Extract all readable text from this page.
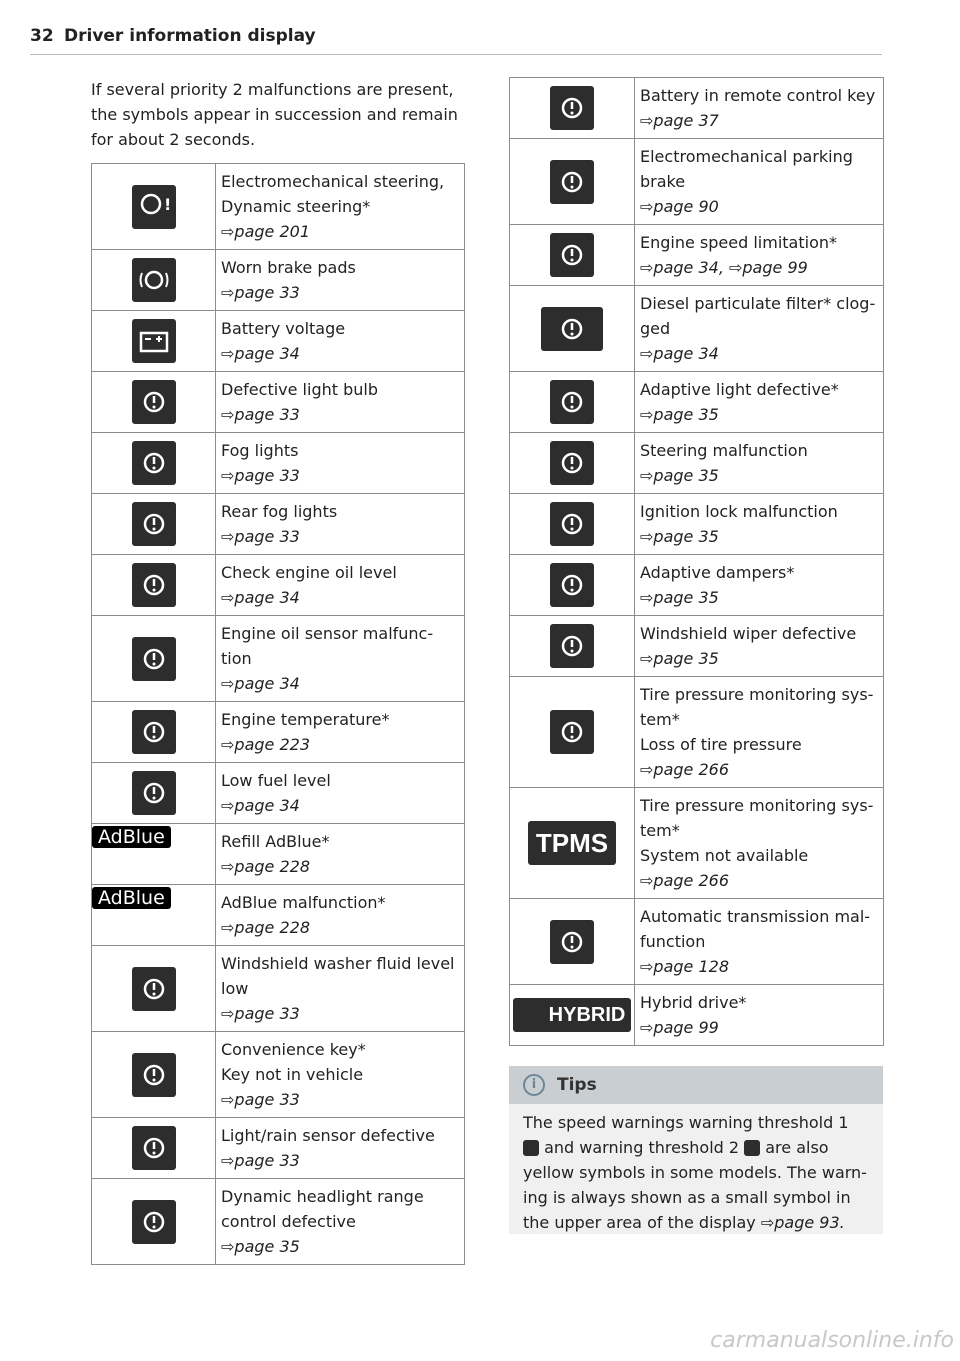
32 Driver information display
If several priority 2 malfunctions are present, the symbols appear in succession and remain for about 2 seconds.
!	Electromechanical steering,
Dynamic steering*
⇨page 201

Worn brake pads
⇨page 33

Battery voltage
⇨page 34

Defective light bulb
⇨page 33

Fog lights
⇨page 33

Rear fog lights
⇨page 33

Check engine oil level
⇨page 34

Engine oil sensor malfunc-
tion
⇨page 34

Engine temperature*
⇨page 223

Low fuel level
⇨page 34

AdBlue	Refill AdBlue*
⇨page 228

AdBlue	AdBlue malfunction*
⇨page 228

Windshield washer fluid level
low
⇨page 33

Convenience key*
Key not in vehicle
⇨page 33

Light/rain sensor defective
⇨page 33

Dynamic headlight range
control defective
⇨page 35

Battery in remote control key
⇨page 37

Electromechanical parking
brake
⇨page 90

Engine speed limitation*
⇨page 34, ⇨page 99

Diesel particulate filter* clog-
ged
⇨page 34

Adaptive light defective*
⇨page 35

Steering malfunction
⇨page 35

Ignition lock malfunction
⇨page 35

Adaptive dampers*
⇨page 35

Windshield wiper defective
⇨page 35

Tire pressure monitoring sys-
tem*
Loss of tire pressure
⇨page 266

TPMS	Tire pressure monitoring sys-
tem*
System not available
⇨page 266

Automatic transmission mal-
function
⇨page 128

HYBRID	Hybrid drive*
⇨page 99
i	Tips
The speed warnings warning threshold 1
and warning threshold 2 are also
yellow symbols in some models. The warn-
ing is always shown as a small symbol in
the upper area of the display ⇨page 93.
carmanualsonline.info
